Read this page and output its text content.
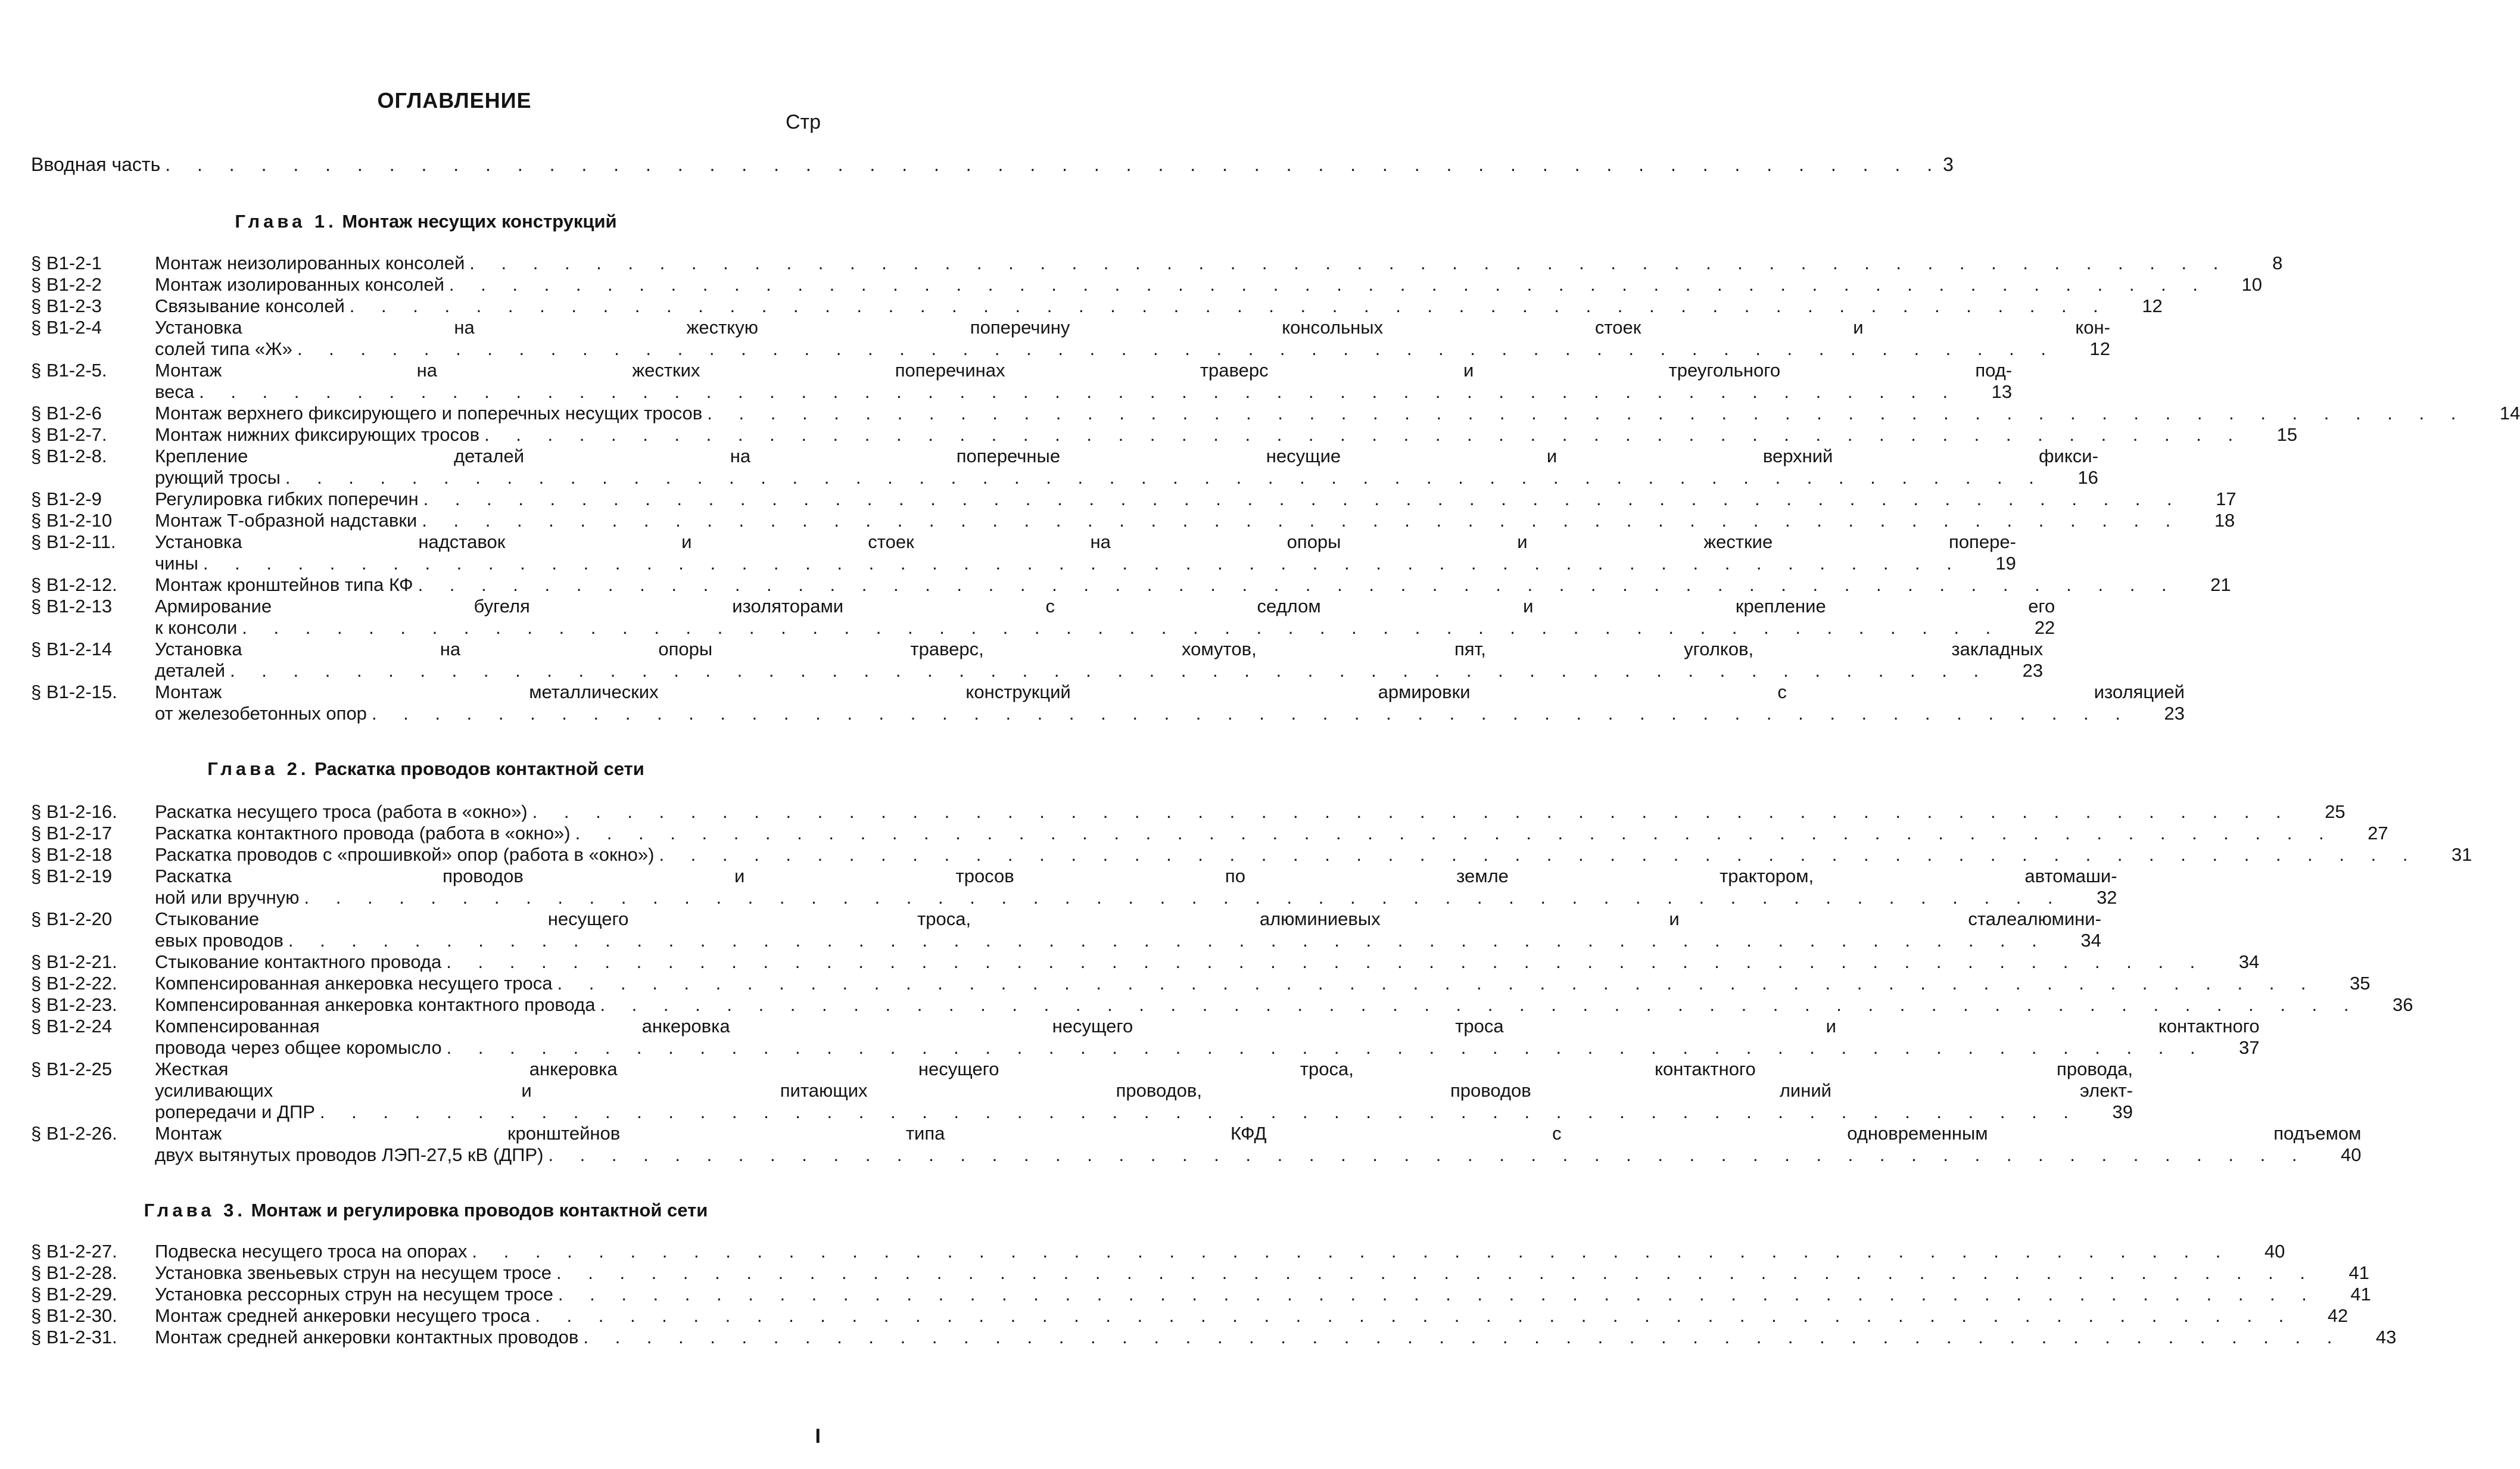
ОГЛАВЛЕНИЕ
Стр
Вводная часть . . .	3
Глава 1. Монтаж несущих конструкций
§ В1-2-1	Монтаж неизолированных консолей . . .	8
§ В1-2-2	Монтаж изолированных консолей . . .	10
§ В1-2-3	Связывание консолей . . .	12
§ В1-2-4	Установка на жесткую поперечину консольных стоек и кон-
солей типа «Ж» . . .	12
§ В1-2-5.	Монтаж на жестких поперечинах траверс и треугольного под-
веса . . .	13
§ В1-2-6	Монтаж верхнего фиксирующего и поперечных несущих тросов . . .	14
§ В1-2-7.	Монтаж нижних фиксирующих тросов . . .	15
§ В1-2-8.	Крепление деталей на поперечные несущие и верхний фикси-
рующий тросы . . .	16
§ В1-2-9	Регулировка гибких поперечин . . .	17
§ В1-2-10	Монтаж Т-образной надставки . . .	18
§ В1-2-11.	Установка надставок и стоек на опоры и жесткие попере-
чины . . .	19
§ В1-2-12.	Монтаж кронштейнов типа КФ . . .	21
§ В1-2-13	Армирование бугеля изоляторами с седлом и крепление его
к консоли . . .	22
§ В1-2-14	Установка на опоры траверс, хомутов, пят, уголков, закладных
деталей . . .	23
§ В1-2-15.	Монтаж металлических конструкций армировки с изоляцией
от железобетонных опор . . .	23
Глава 2. Раскатка проводов контактной сети
§ В1-2-16.	Раскатка несущего троса (работа в «окно») . . .	25
§ В1-2-17	Раскатка контактного провода (работа в «окно») . . .	27
§ В1-2-18	Раскатка проводов с «прошивкой» опор (работа в «окно») . . .	31
§ В1-2-19	Раскатка проводов и тросов по земле трактором, автомаши-
ной или вручную . . .	32
§ В1-2-20	Стыкование несущего троса, алюминиевых и сталеалюмини-
евых проводов . . .	34
§ В1-2-21.	Стыкование контактного провода . . .	34
§ В1-2-22.	Компенсированная анкеровка несущего троса . . .	35
§ В1-2-23.	Компенсированная анкеровка контактного провода . . .	36
§ В1-2-24	Компенсированная анкеровка несущего троса и контактного
провода через общее коромысло . . .	37
§ В1-2-25	Жесткая анкеровка несущего троса, контактного провода,
усиливающих и питающих проводов, проводов линий элект-
ропередачи и ДПР . . .	39
§ В1-2-26.	Монтаж кронштейнов типа КФД с одновременным подъемом
двух вытянутых проводов ЛЭП-27,5 кВ (ДПР) . . .	40
Глава 3. Монтаж и регулировка проводов контактной сети
§ В1-2-27.	Подвеска несущего троса на опорах . . .	40
§ В1-2-28.	Установка звеньевых струн на несущем тросе . . .	41
§ В1-2-29.	Установка рессорных струн на несущем тросе . . .	41
§ В1-2-30.	Монтаж средней анкеровки несущего троса . . .	42
§ В1-2-31.	Монтаж средней анкеровки контактных проводов . . .	43
I
